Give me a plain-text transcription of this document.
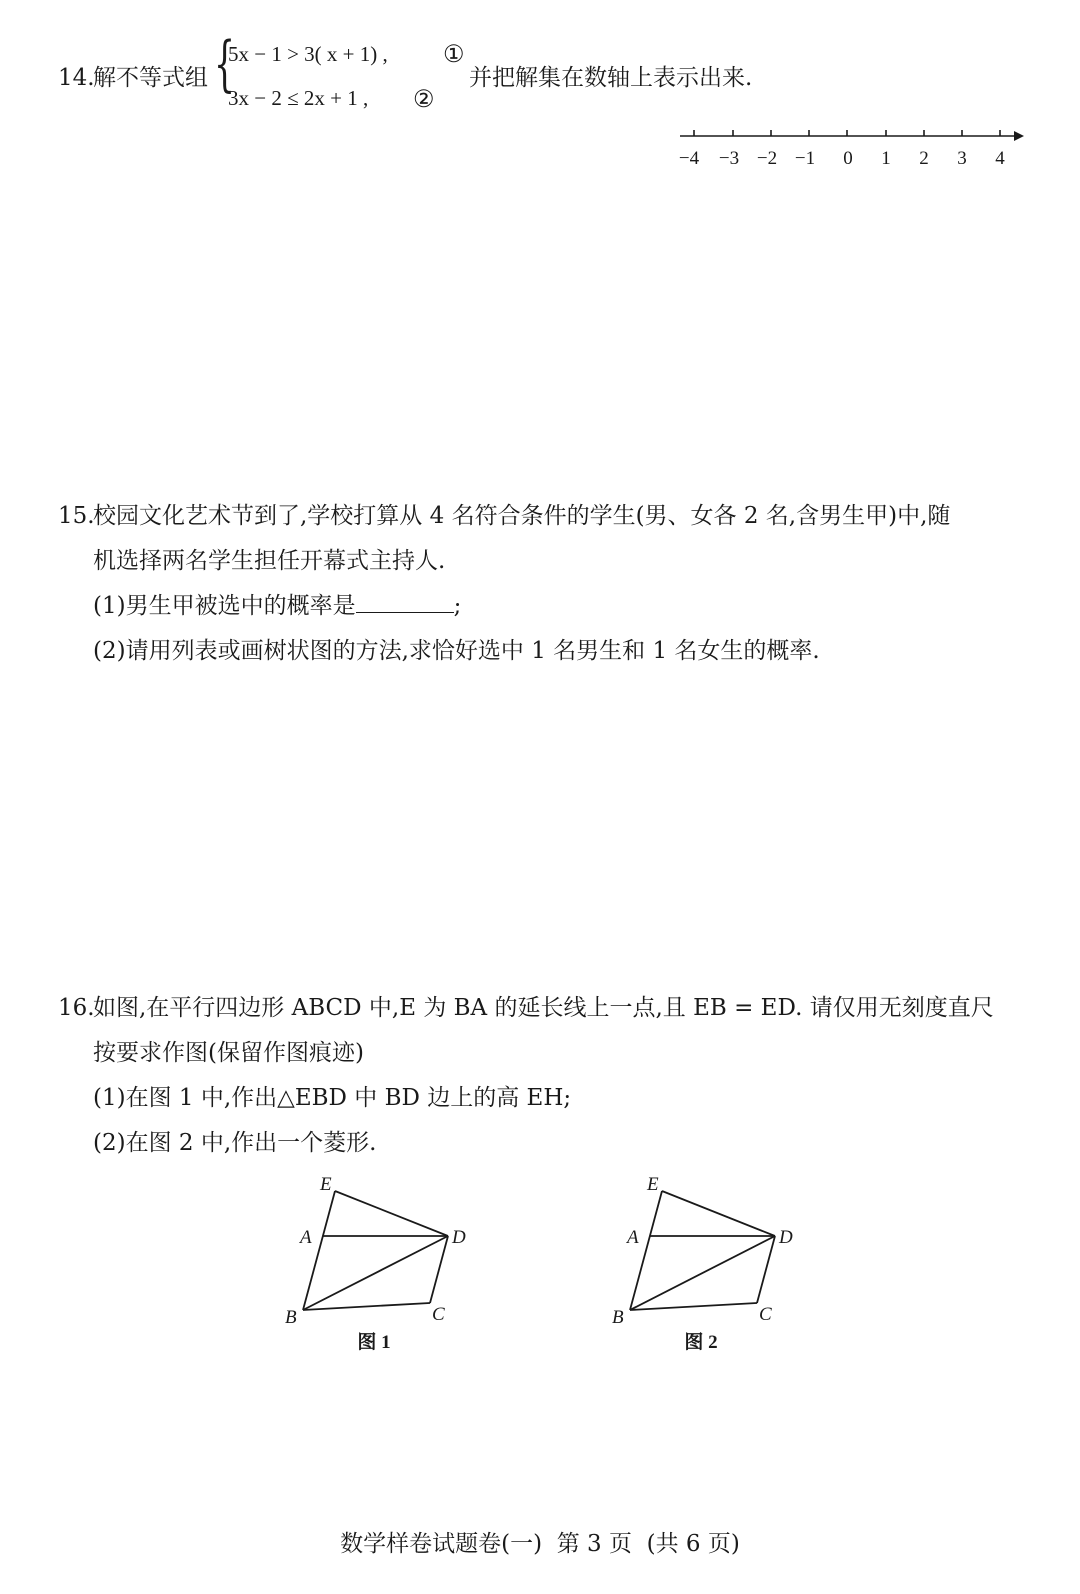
14.
解不等式组 {
5x − 1 > 3( x + 1) ,
3x − 2 ≤ 2x + 1 ,
①
②
并把解集在数轴上表示出来.
−4 −3 −2 −1 0 1 2 3 4
15.
校园文化艺术节到了,学校打算从 4 名符合条件的学生(男、女各 2 名,含男生甲)中,随
机选择两名学生担任开幕式主持人.
(1)男生甲被选中的概率是	;
(2)请用列表或画树状图的方法,求恰好选中 1 名男生和 1 名女生的概率.
16.
如图,在平行四边形 ABCD 中,E 为 BA 的延长线上一点,且 EB = ED. 请仅用无刻度直尺
按要求作图(保留作图痕迹)
(1)在图 1 中,作出△EBD 中 BD 边上的高 EH;
(2)在图 2 中,作出一个菱形.
E
A	D
B	C
图 1
E
A	D
B	C
图 2
数学样卷试题卷(一)  第 3 页  (共 6 页)
